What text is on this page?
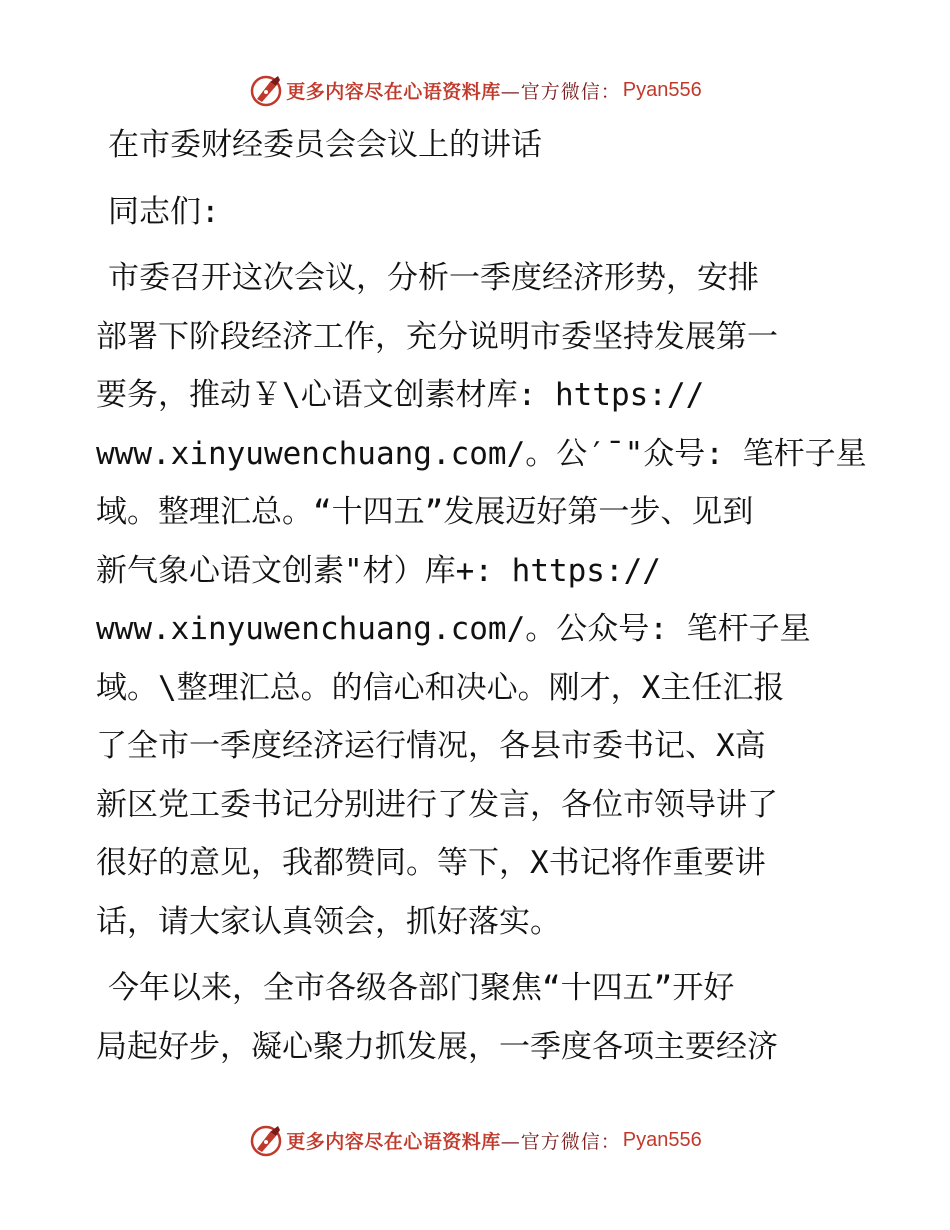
更多内容尽在心语资料库 —官方微信： Pyan556

在市委财经委员会会议上的讲话

同志们:

市委召开这次会议，分析一季度经济形势，安排

部署下阶段经济工作，充分说明市委坚持发展第一

要务，推动￥\心语文创素材库: https://

www.xinyuwenchuang.com/。公′¯"众号: 笔杆子星

域。整理汇总。“十四五”发展迈好第一步、见到

新气象心语文创素"材）库+: https://

www.xinyuwenchuang.com/。公众号: 笔杆子星

域。\整理汇总。的信心和决心。刚才，X主任汇报

了全市一季度经济运行情况，各县市委书记、X高

新区党工委书记分别进行了发言，各位市领导讲了

很好的意见，我都赞同。等下，X书记将作重要讲

话，请大家认真领会，抓好落实。

今年以来，全市各级各部门聚焦“十四五”开好

局起好步，凝心聚力抓发展，一季度各项主要经济

更多内容尽在心语资料库 —官方微信： Pyan556
